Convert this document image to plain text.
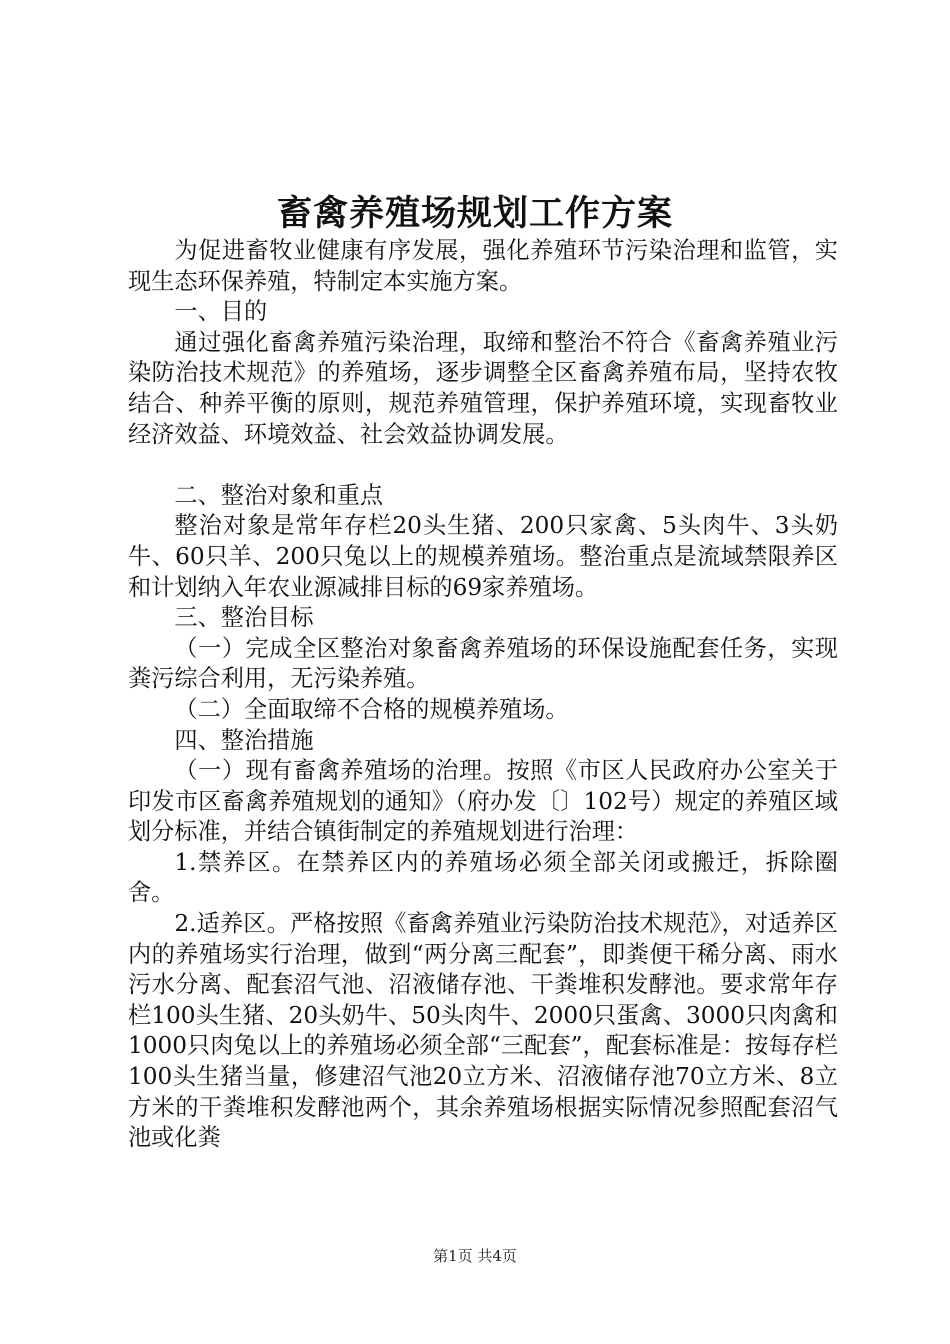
畜禽养殖场规划工作方案

为促进畜牧业健康有序发展，强化养殖环节污染治理和监管，实现生态环保养殖，特制定本实施方案。

一、目的

通过强化畜禽养殖污染治理，取缔和整治不符合《畜禽养殖业污染防治技术规范》的养殖场，逐步调整全区畜禽养殖布局，坚持农牧结合、种养平衡的原则，规范养殖管理，保护养殖环境，实现畜牧业经济效益、环境效益、社会效益协调发展。

二、整治对象和重点

整治对象是常年存栏20头生猪、200只家禽、5头肉牛、3头奶牛、60只羊、200只兔以上的规模养殖场。整治重点是流域禁限养区和计划纳入年农业源减排目标的69家养殖场。

三、整治目标

（一）完成全区整治对象畜禽养殖场的环保设施配套任务，实现粪污综合利用，无污染养殖。

（二）全面取缔不合格的规模养殖场。

四、整治措施

（一）现有畜禽养殖场的治理。按照《市区人民政府办公室关于印发市区畜禽养殖规划的通知》（府办发〔〕102号）规定的养殖区域划分标准，并结合镇街制定的养殖规划进行治理：

1.禁养区。在禁养区内的养殖场必须全部关闭或搬迁，拆除圈舍。

2.适养区。严格按照《畜禽养殖业污染防治技术规范》，对适养区内的养殖场实行治理，做到“两分离三配套”，即粪便干稀分离、雨水污水分离、配套沼气池、沼液储存池、干粪堆积发酵池。要求常年存栏100头生猪、20头奶牛、50头肉牛、2000只蛋禽、3000只肉禽和1000只肉兔以上的养殖场必须全部“三配套”，配套标准是：按每存栏100头生猪当量，修建沼气池20立方米、沼液储存池70立方米、8立方米的干粪堆积发酵池两个，其余养殖场根据实际情况参照配套沼气池或化粪

第1页 共4页
